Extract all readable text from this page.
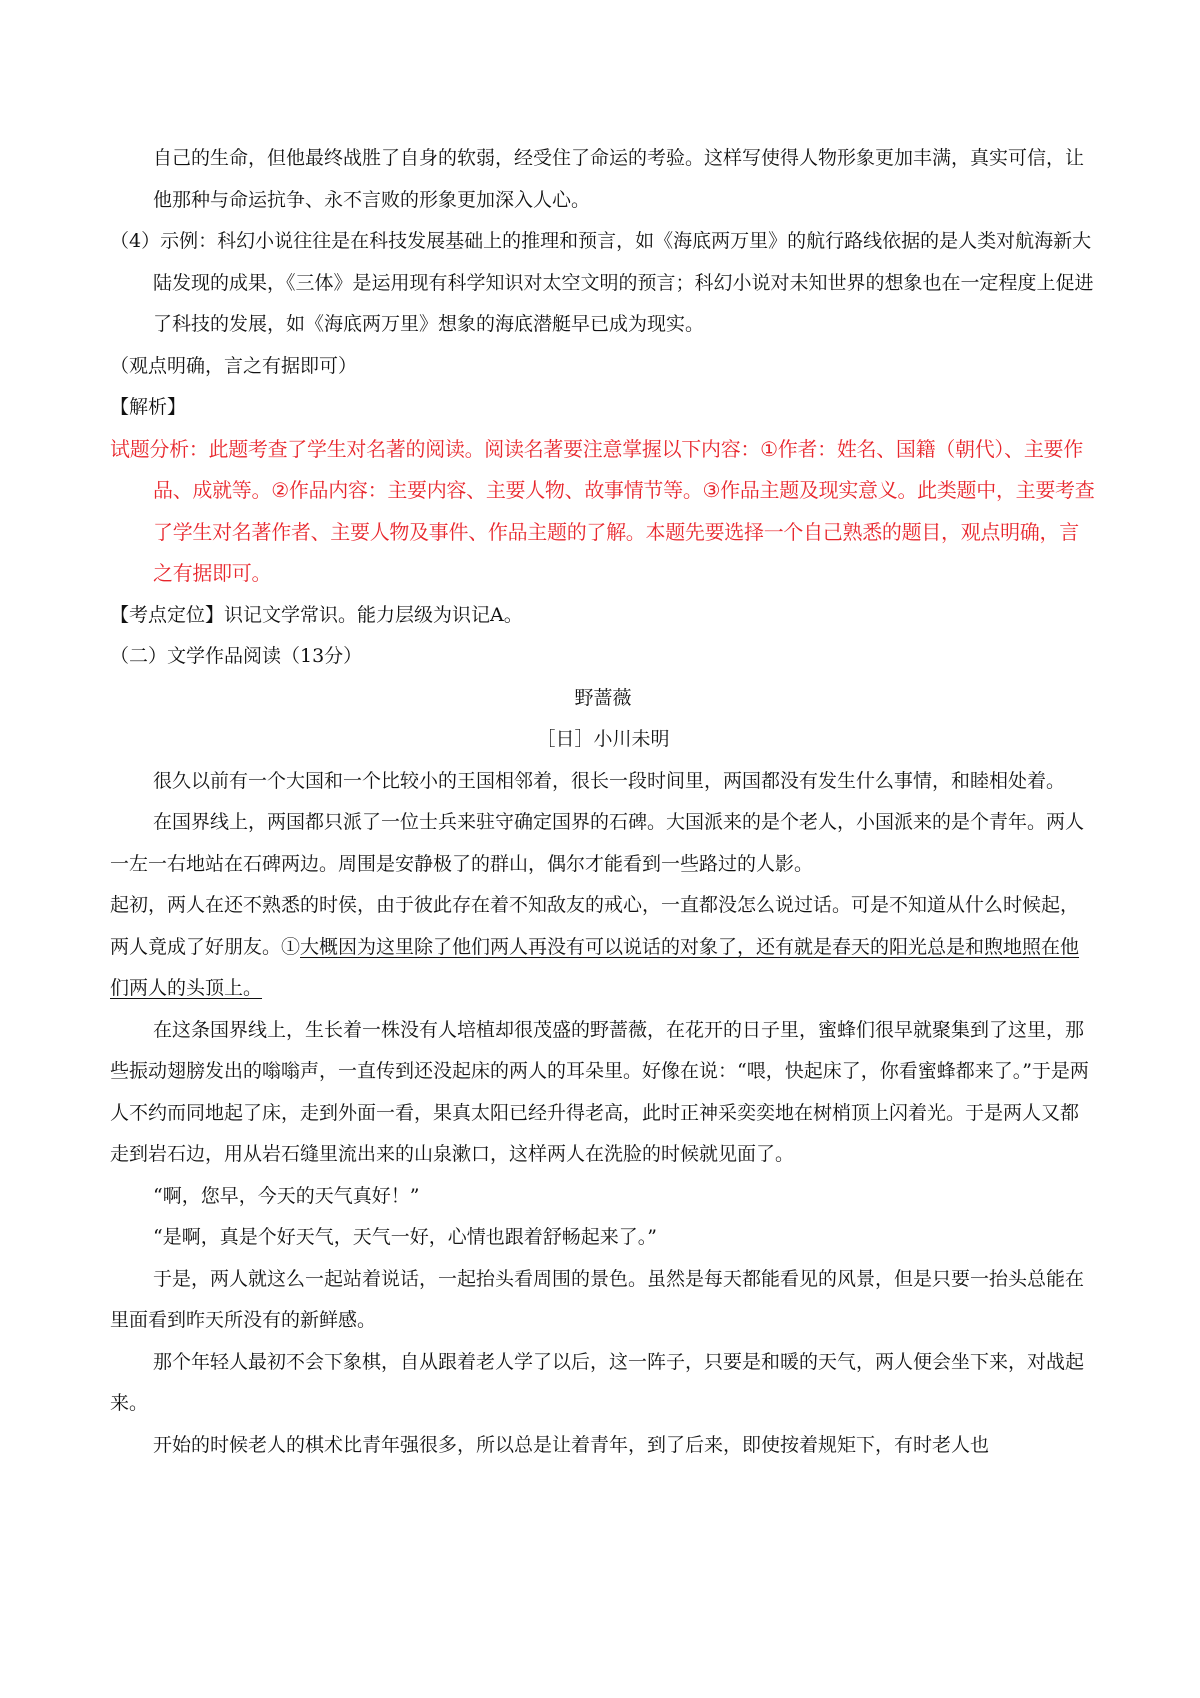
自己的生命，但他最终战胜了自身的软弱，经受住了命运的考验。这样写使得人物形象更加丰满，真实可信，让他那种与命运抗争、永不言败的形象更加深入人心。

（4）示例：科幻小说往往是在科技发展基础上的推理和预言，如《海底两万里》的航行路线依据的是人类对航海新大陆发现的成果，《三体》是运用现有科学知识对太空文明的预言；科幻小说对未知世界的想象也在一定程度上促进了科技的发展，如《海底两万里》想象的海底潜艇早已成为现实。

（观点明确，言之有据即可）

【解析】

试题分析：此题考查了学生对名著的阅读。阅读名著要注意掌握以下内容：①作者：姓名、国籍（朝代）、主要作品、成就等。②作品内容：主要内容、主要人物、故事情节等。③作品主题及现实意义。此类题中，主要考查了学生对名著作者、主要人物及事件、作品主题的了解。本题先要选择一个自己熟悉的题目，观点明确，言之有据即可。

【考点定位】识记文学常识。能力层级为识记A。

（二）文学作品阅读（13分）

野蔷薇

［日］小川未明

很久以前有一个大国和一个比较小的王国相邻着，很长一段时间里，两国都没有发生什么事情，和睦相处着。

在国界线上，两国都只派了一位士兵来驻守确定国界的石碑。大国派来的是个老人，小国派来的是个青年。两人一左一右地站在石碑两边。周围是安静极了的群山，偶尔才能看到一些路过的人影。

起初，两人在还不熟悉的时侯，由于彼此存在着不知敌友的戒心，一直都没怎么说过话。可是不知道从什么时候起，两人竟成了好朋友。①大概因为这里除了他们两人再没有可以说话的对象了，还有就是春天的阳光总是和煦地照在他们两人的头顶上。

在这条国界线上，生长着一株没有人培植却很茂盛的野蔷薇，在花开的日子里，蜜蜂们很早就聚集到了这里，那些振动翅膀发出的嗡嗡声，一直传到还没起床的两人的耳朵里。好像在说：“喂，快起床了，你看蜜蜂都来了。”于是两人不约而同地起了床，走到外面一看，果真太阳已经升得老高，此时正神采奕奕地在树梢顶上闪着光。于是两人又都走到岩石边，用从岩石缝里流出来的山泉漱口，这样两人在洗脸的时候就见面了。

“啊，您早，今天的天气真好！”

“是啊，真是个好天气，天气一好，心情也跟着舒畅起来了。”

于是，两人就这么一起站着说话，一起抬头看周围的景色。虽然是每天都能看见的风景，但是只要一抬头总能在里面看到昨天所没有的新鲜感。

那个年轻人最初不会下象棋，自从跟着老人学了以后，这一阵子，只要是和暖的天气，两人便会坐下来，对战起来。

开始的时候老人的棋术比青年强很多，所以总是让着青年，到了后来，即使按着规矩下，有时老人也
